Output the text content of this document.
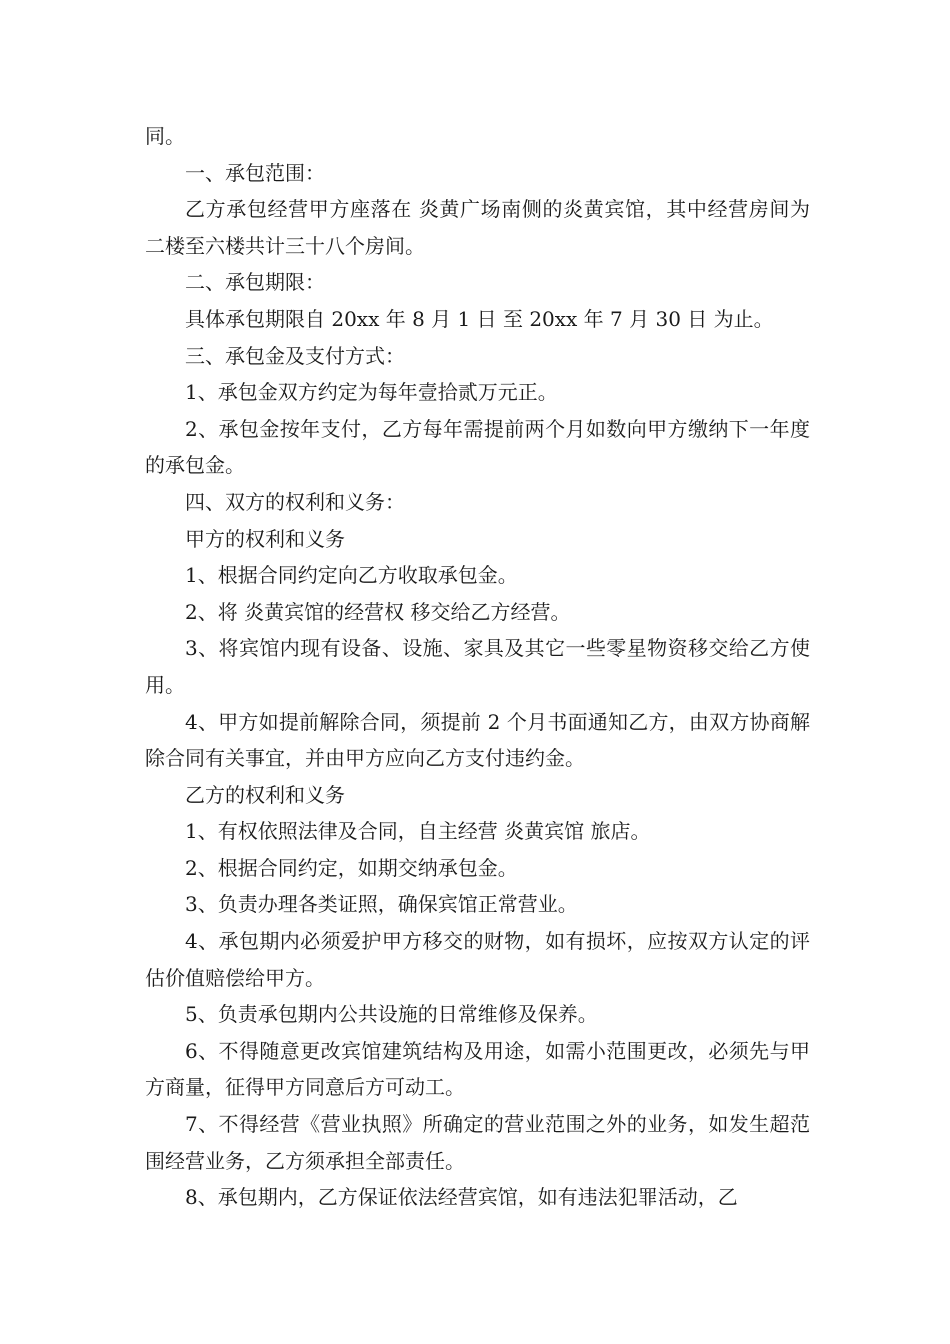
同。

一、承包范围：

乙方承包经营甲方座落在 炎黄广场南侧的炎黄宾馆，其中经营房间为二楼至六楼共计三十八个房间。

二、承包期限：

具体承包期限自 20xx 年 8 月 1 日 至 20xx 年 7 月 30 日 为止。

三、承包金及支付方式：

1、承包金双方约定为每年壹拾贰万元正。

2、承包金按年支付，乙方每年需提前两个月如数向甲方缴纳下一年度的承包金。

四、双方的权利和义务：

甲方的权利和义务

1、根据合同约定向乙方收取承包金。

2、将 炎黄宾馆的经营权 移交给乙方经营。

3、将宾馆内现有设备、设施、家具及其它一些零星物资移交给乙方使用。

4、甲方如提前解除合同，须提前 2 个月书面通知乙方，由双方协商解除合同有关事宜，并由甲方应向乙方支付违约金。

乙方的权利和义务

1、有权依照法律及合同，自主经营 炎黄宾馆 旅店。

2、根据合同约定，如期交纳承包金。

3、负责办理各类证照，确保宾馆正常营业。

4、承包期内必须爱护甲方移交的财物，如有损坏，应按双方认定的评估价值赔偿给甲方。

5、负责承包期内公共设施的日常维修及保养。

6、不得随意更改宾馆建筑结构及用途，如需小范围更改，必须先与甲方商量，征得甲方同意后方可动工。

7、不得经营《营业执照》所确定的营业范围之外的业务，如发生超范围经营业务，乙方须承担全部责任。

8、承包期内，乙方保证依法经营宾馆，如有违法犯罪活动，乙
